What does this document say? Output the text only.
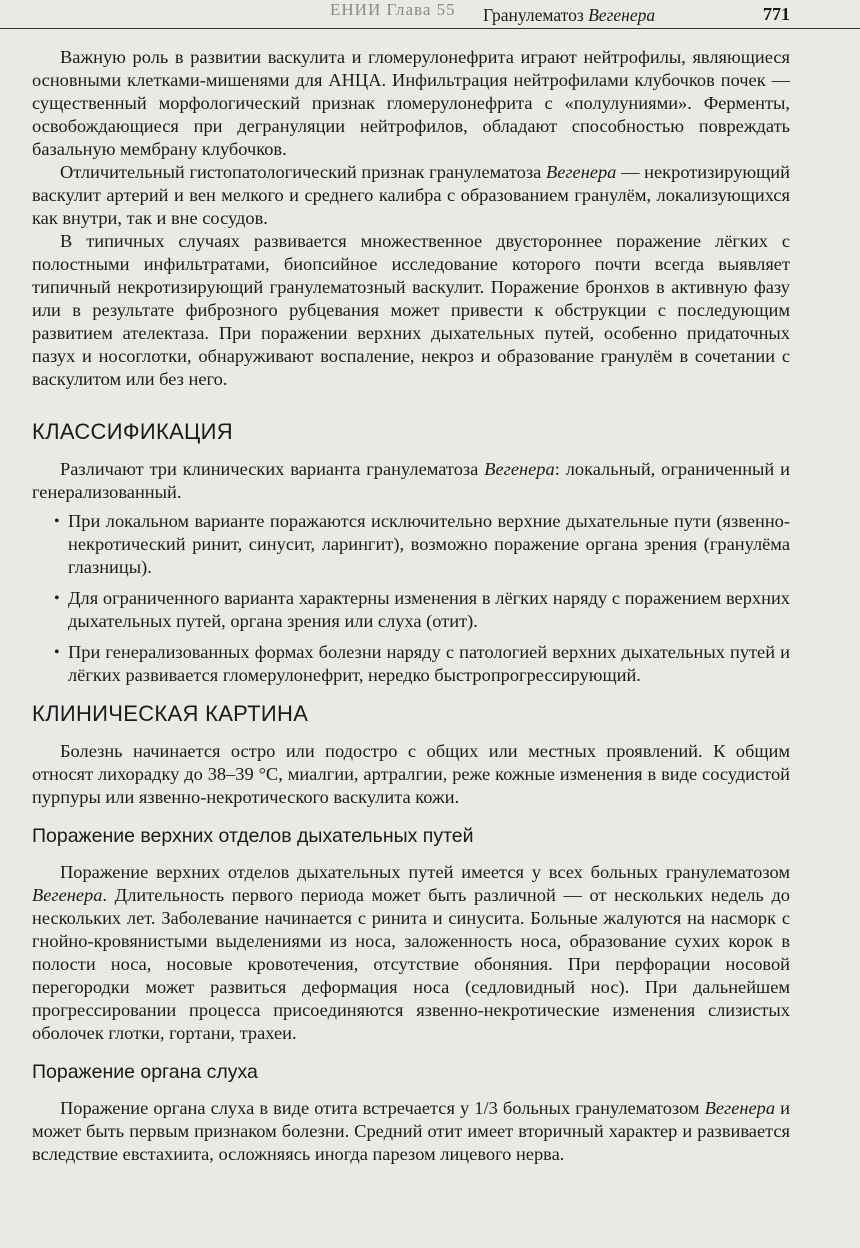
ЕНИИ Глава 55 Гранулематоз Вегенера	771

Важную роль в развитии васкулита и гломерулонефрита играют нейтрофилы, являющиеся основными клетками-мишенями для АНЦА. Инфильтрация нейтрофилами клубочков почек — существенный морфологический признак гломерулонефрита с «полулуниями». Ферменты, освобождающиеся при дегрануляции нейтрофилов, обладают способностью повреждать базальную мембрану клубочков.

Отличительный гистопатологический признак гранулематоза Вегенера — некротизирующий васкулит артерий и вен мелкого и среднего калибра с образованием гранулём, локализующихся как внутри, так и вне сосудов.

В типичных случаях развивается множественное двустороннее поражение лёгких с полостными инфильтратами, биопсийное исследование которого почти всегда выявляет типичный некротизирующий гранулематозный васкулит. Поражение бронхов в активную фазу или в результате фиброзного рубцевания может привести к обструкции с последующим развитием ателектаза. При поражении верхних дыхательных путей, особенно придаточных пазух и носоглотки, обнаруживают воспаление, некроз и образование гранулём в сочетании с васкулитом или без него.

КЛАССИФИКАЦИЯ

Различают три клинических варианта гранулематоза Вегенера: локальный, ограниченный и генерализованный.

• При локальном варианте поражаются исключительно верхние дыхательные пути (язвенно-некротический ринит, синусит, ларингит), возможно поражение органа зрения (гранулёма глазницы).
• Для ограниченного варианта характерны изменения в лёгких наряду с поражением верхних дыхательных путей, органа зрения или слуха (отит).
• При генерализованных формах болезни наряду с патологией верхних дыхательных путей и лёгких развивается гломерулонефрит, нередко быстропрогрессирующий.
КЛИНИЧЕСКАЯ КАРТИНА

Болезнь начинается остро или подостро с общих или местных проявлений. К общим относят лихорадку до 38–39 °С, миалгии, артралгии, реже кожные изменения в виде сосудистой пурпуры или язвенно-некротического васкулита кожи.

Поражение верхних отделов дыхательных путей

Поражение верхних отделов дыхательных путей имеется у всех больных гранулематозом Вегенера. Длительность первого периода может быть различной — от нескольких недель до нескольких лет. Заболевание начинается с ринита и синусита. Больные жалуются на насморк с гнойно-кровянистыми выделениями из носа, заложенность носа, образование сухих корок в полости носа, носовые кровотечения, отсутствие обоняния. При перфорации носовой перегородки может развиться деформация носа (седловидный нос). При дальнейшем прогрессировании процесса присоединяются язвенно-некротические изменения слизистых оболочек глотки, гортани, трахеи.

Поражение органа слуха

Поражение органа слуха в виде отита встречается у 1/3 больных гранулематозом Вегенера и может быть первым признаком болезни. Средний отит имеет вторичный характер и развивается вследствие евстахиита, осложняясь иногда парезом лицевого нерва.
